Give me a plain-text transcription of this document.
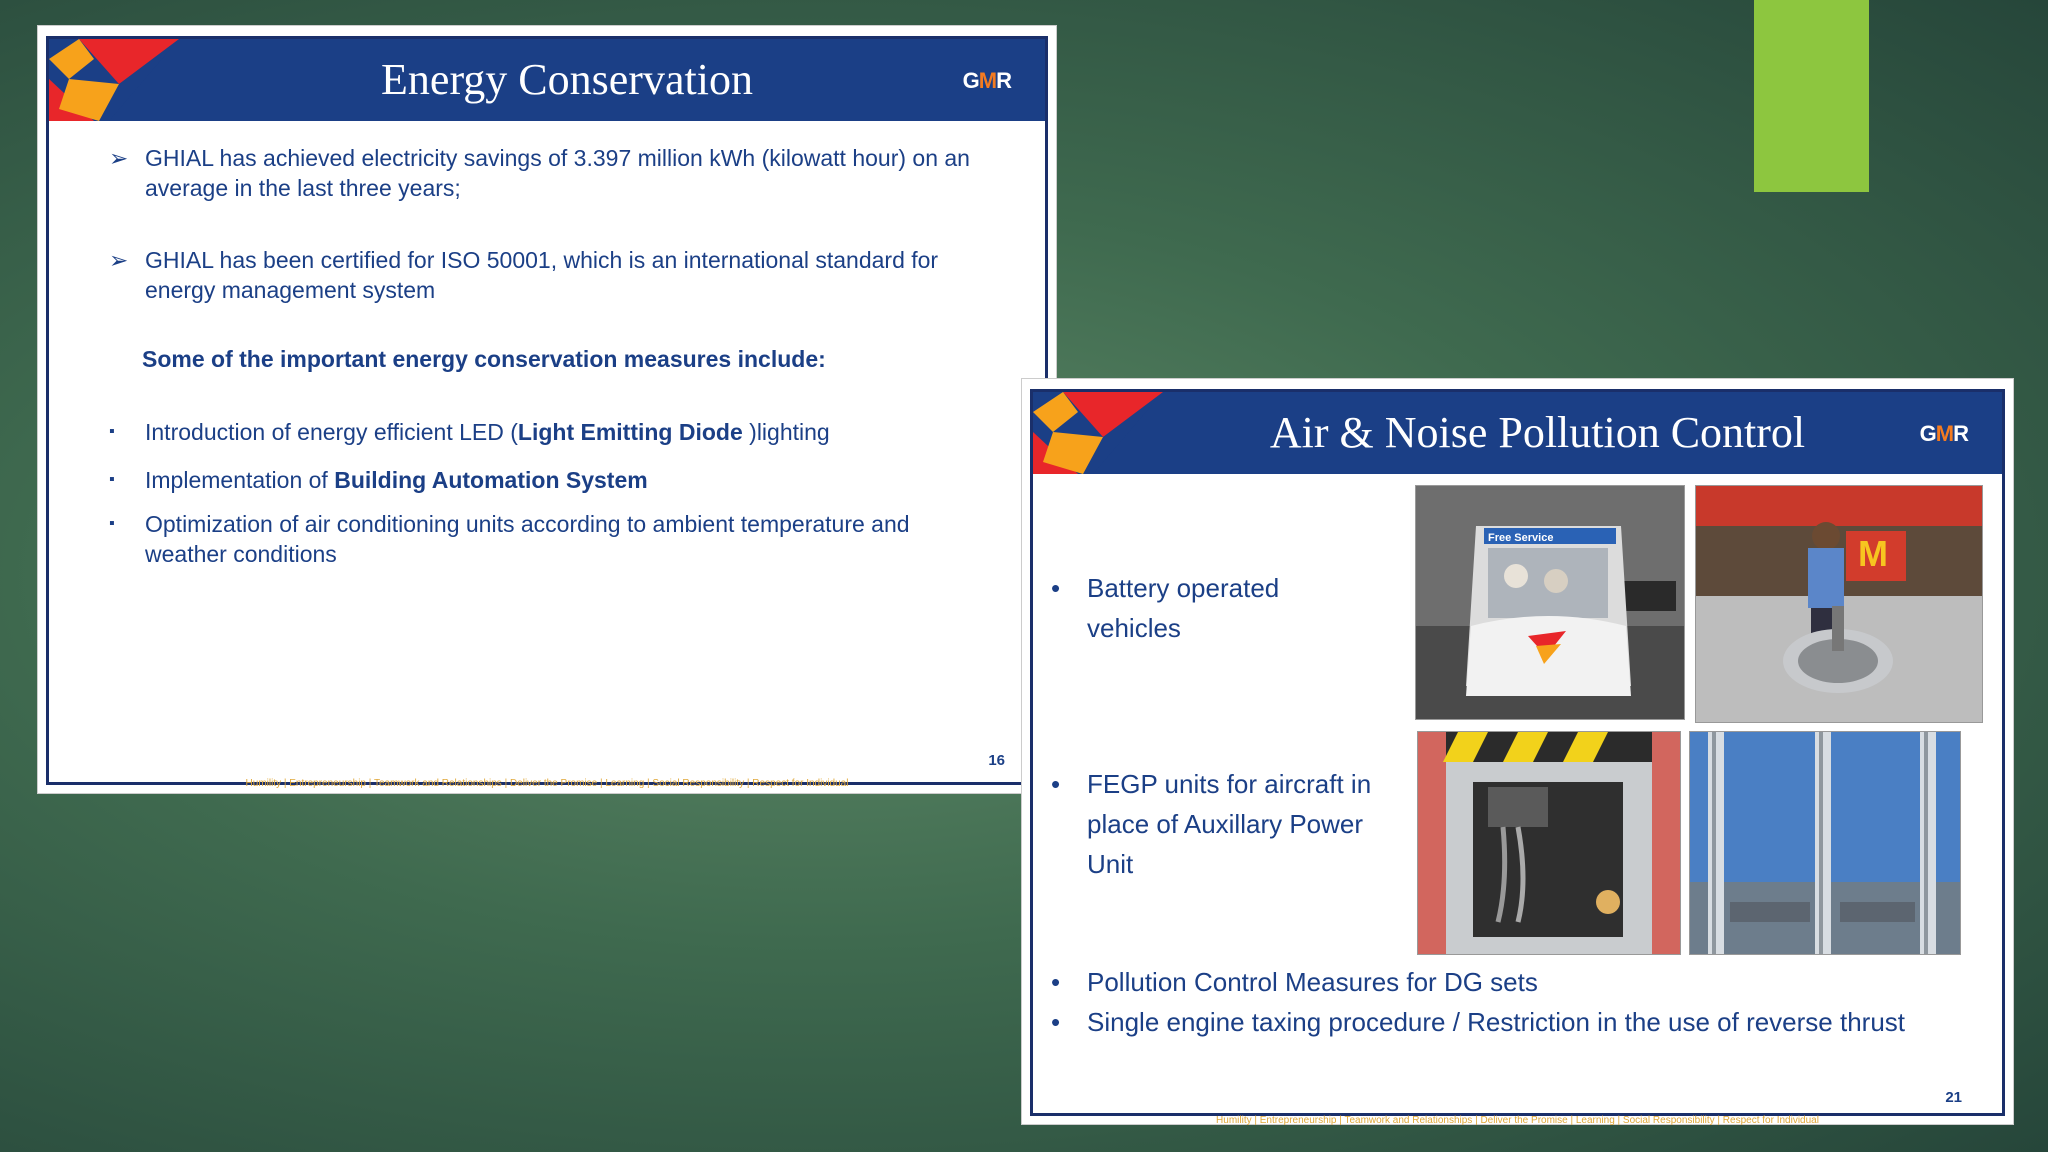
Energy Conservation	GMR
➢ GHIAL has achieved electricity savings of 3.397 million kWh (kilowatt hour) on an average in the last three years;
➢ GHIAL has been certified for ISO 50001, which is an international standard for energy management system
Some of the important energy conservation measures include:
▪ Introduction of energy efficient LED (Light Emitting Diode )lighting
▪ Implementation of Building Automation System
▪ Optimization of air conditioning units according to ambient temperature and weather conditions
16
Humility | Entrepreneurship | Teamwork and Relationships | Deliver the Promise | Learning | Social Responsibility | Respect for Individual
Air & Noise Pollution Control	GMR

• Battery operated
vehicles

• FEGP units for aircraft in place of Auxillary Power Unit
• Pollution Control Measures for DG sets
• Single engine taxing procedure / Restriction in the use of reverse thrust
Free Service	M
21
Humility | Entrepreneurship | Teamwork and Relationships | Deliver the Promise | Learning | Social Responsibility | Respect for Individual
